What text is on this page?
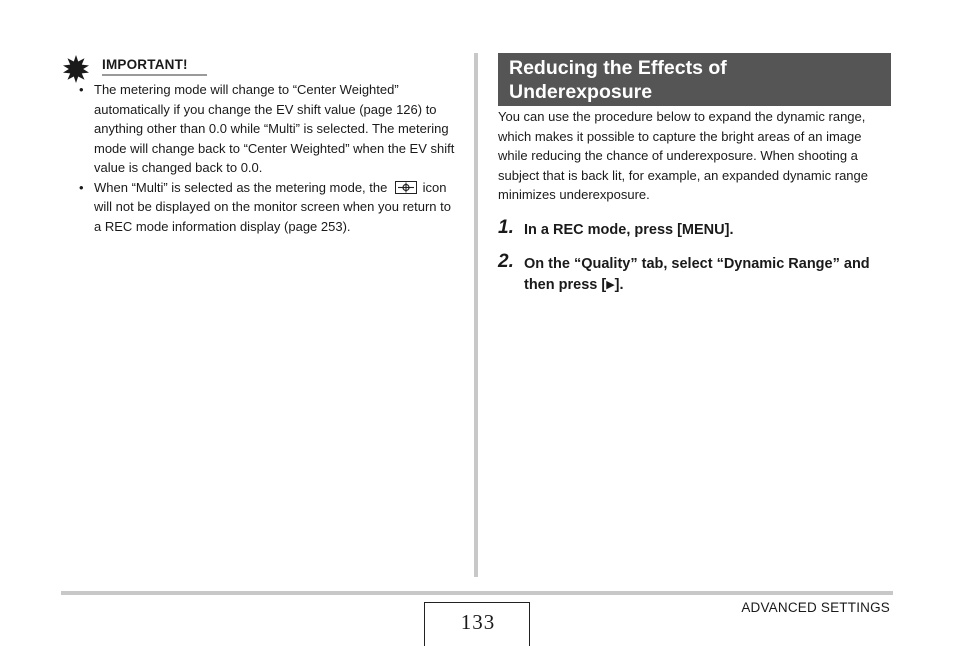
IMPORTANT!
• The metering mode will change to “Center Weighted” automatically if you change the EV shift value (page 126) to anything other than 0.0 while “Multi” is selected. The metering mode will change back to “Center Weighted” when the EV shift value is changed back to 0.0.
• When “Multi” is selected as the metering mode, the	icon will not be displayed on the monitor screen when you return to a REC mode information display (page 253).
Reducing the Effects of
Underexposure

You can use the procedure below to expand the dynamic range, which makes it possible to capture the bright areas of an image while reducing the chance of underexposure. When shooting a subject that is back lit, for example, an expanded dynamic range minimizes underexposure.

1. In a REC mode, press [MENU].
2. On the “Quality” tab, select “Dynamic Range” and then press [▶].
ADVANCED SETTINGS
133
